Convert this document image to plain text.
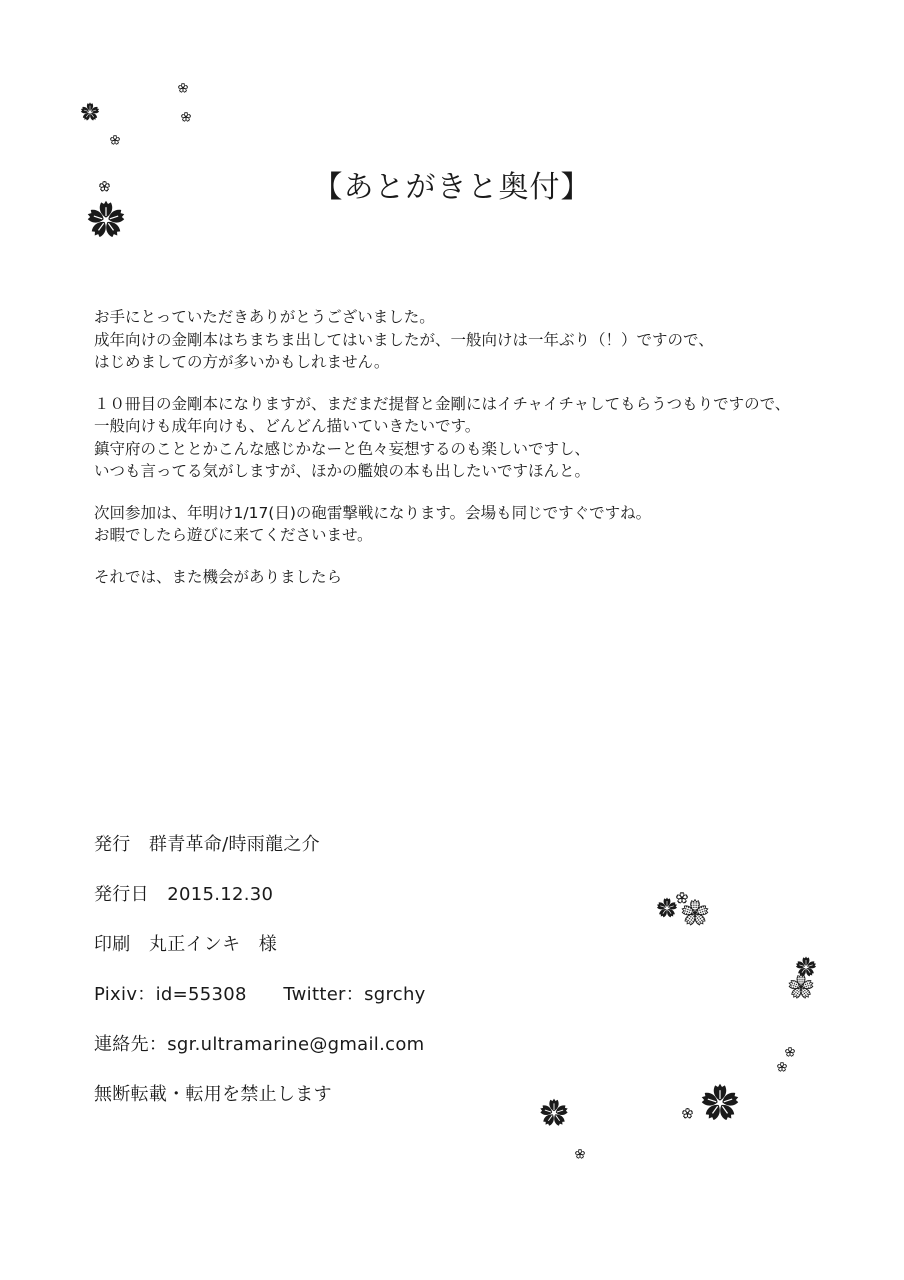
【あとがきと奥付】
お手にとっていただきありがとうございました。
成年向けの金剛本はちまちま出してはいましたが、一般向けは一年ぶり（！）ですので、
はじめましての方が多いかもしれません。
１０冊目の金剛本になりますが、まだまだ提督と金剛にはイチャイチャしてもらうつもりですので、
一般向けも成年向けも、どんどん描いていきたいです。
鎮守府のこととかこんな感じかなーと色々妄想するのも楽しいですし、
いつも言ってる気がしますが、ほかの艦娘の本も出したいですほんと。
次回参加は、年明け1/17(日)の砲雷撃戦になります。会場も同じですぐですね。
お暇でしたら遊びに来てくださいませ。
それでは、また機会がありましたら
発行　群青革命/時雨龍之介
発行日　2015.12.30
印刷　丸正インキ　様
Pixiv：id=55308　　Twitter：sgrchy
連絡先：sgr.ultramarine@gmail.com
無断転載・転用を禁止します
